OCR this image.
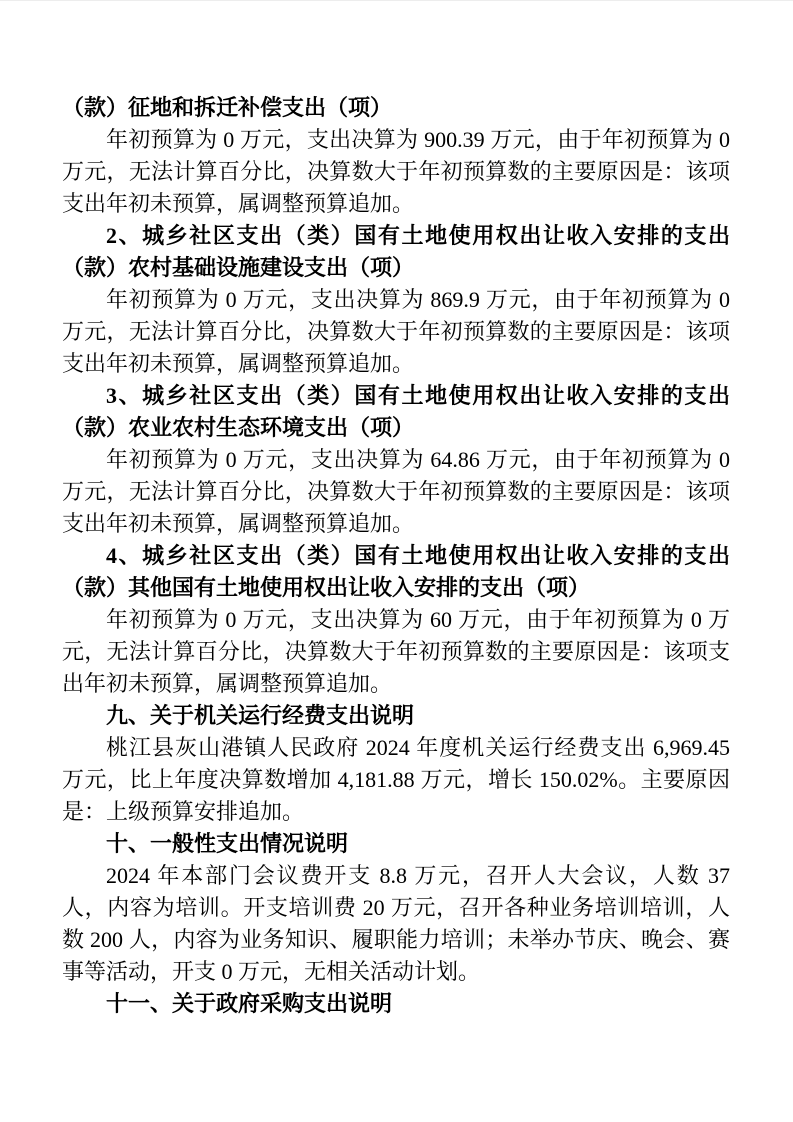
（款）征地和拆迁补偿支出（项）

年初预算为 0 万元，支出决算为 900.39 万元，由于年初预算为 0 万元，无法计算百分比，决算数大于年初预算数的主要原因是：该项支出年初未预算，属调整预算追加。

2、城乡社区支出（类）国有土地使用权出让收入安排的支出（款）农村基础设施建设支出（项）

年初预算为 0 万元，支出决算为 869.9 万元，由于年初预算为 0 万元，无法计算百分比，决算数大于年初预算数的主要原因是：该项支出年初未预算，属调整预算追加。

3、城乡社区支出（类）国有土地使用权出让收入安排的支出（款）农业农村生态环境支出（项）

年初预算为 0 万元，支出决算为 64.86 万元，由于年初预算为 0 万元，无法计算百分比，决算数大于年初预算数的主要原因是：该项支出年初未预算，属调整预算追加。

4、城乡社区支出（类）国有土地使用权出让收入安排的支出（款）其他国有土地使用权出让收入安排的支出（项）

年初预算为 0 万元，支出决算为 60 万元，由于年初预算为 0 万元，无法计算百分比，决算数大于年初预算数的主要原因是：该项支出年初未预算，属调整预算追加。

九、关于机关运行经费支出说明

桃江县灰山港镇人民政府 2024 年度机关运行经费支出 6,969.45 万元，比上年度决算数增加 4,181.88 万元，增长 150.02%。主要原因是：上级预算安排追加。

十、一般性支出情况说明

2024 年本部门会议费开支 8.8 万元，召开人大会议，人数 37 人，内容为培训。开支培训费 20 万元，召开各种业务培训培训，人数 200 人，内容为业务知识、履职能力培训；未举办节庆、晚会、赛事等活动，开支 0 万元，无相关活动计划。

十一、关于政府采购支出说明
